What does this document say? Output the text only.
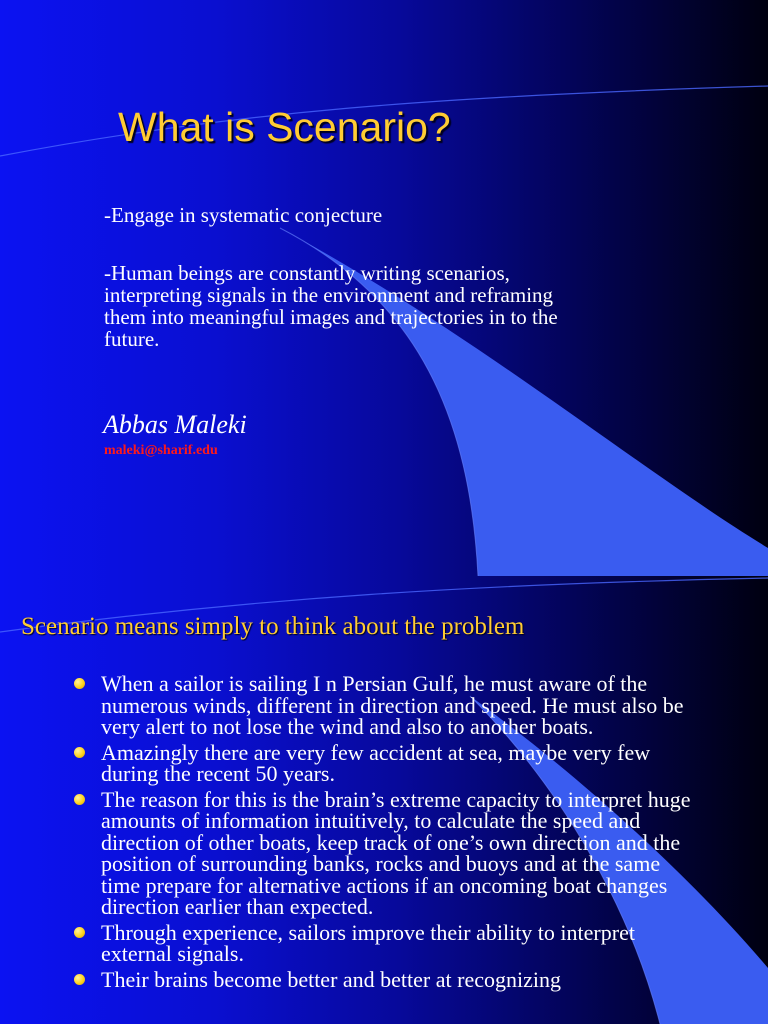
What is Scenario?

-Engage in systematic conjecture

-Human beings are constantly writing scenarios, interpreting signals in the environment and reframing them into meaningful images and trajectories in to the future.

Abbas Maleki

maleki@sharif.edu

Scenario means simply to think about the problem
When a sailor is sailing I n Persian Gulf, he must aware of the numerous winds, different in direction and speed. He must also be very alert to not lose the wind and also to another boats.
Amazingly there are very few accident at sea, maybe very few during the recent 50 years.
The reason for this is the brain’s extreme capacity to interpret huge amounts of information intuitively, to calculate the speed and direction of other boats, keep track of one’s own direction and the position of surrounding banks, rocks and buoys and at the same time prepare for alternative actions if an oncoming boat changes direction earlier than expected.
Through experience, sailors improve their ability to interpret external signals.
Their brains become better and better at recognizing
